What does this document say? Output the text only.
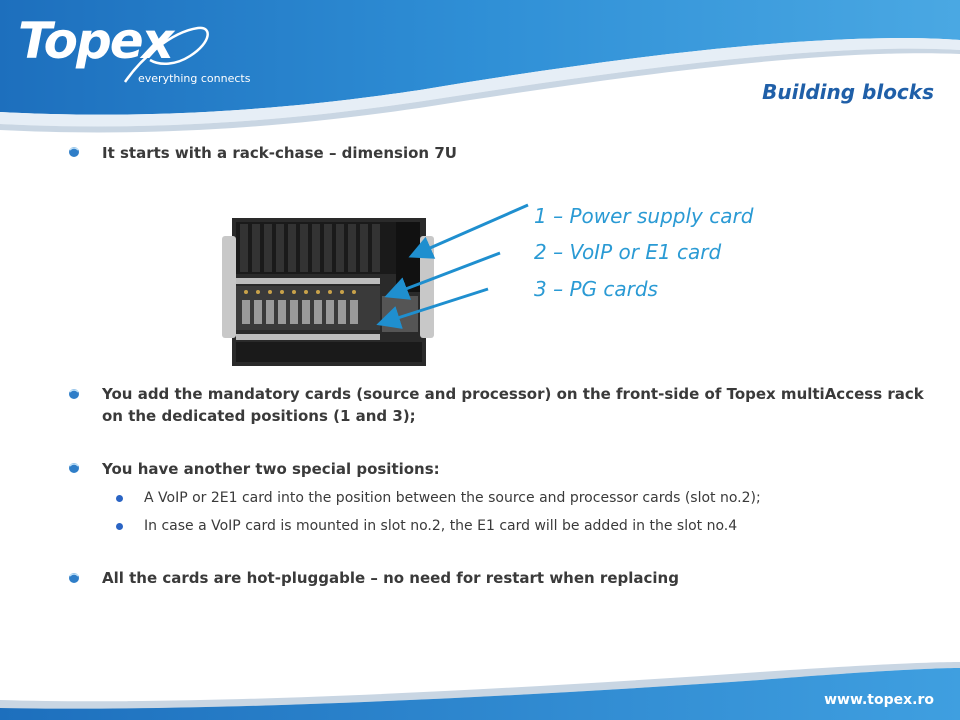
Topex
everything connects
Building blocks
It starts with a rack-chase – dimension 7U
1 – Power supply card
2 – VoIP or E1 card
3 – PG cards
You add the mandatory cards (source and processor) on the front-side of Topex multiAccess rack on the dedicated positions (1 and 3);
You have another two special positions:
A VoIP or 2E1 card into the position between the source and processor cards (slot no.2);
In case a VoIP card is mounted in slot no.2, the E1 card will be added in the slot no.4
All the cards are hot-pluggable – no need for restart when replacing
www.topex.ro
